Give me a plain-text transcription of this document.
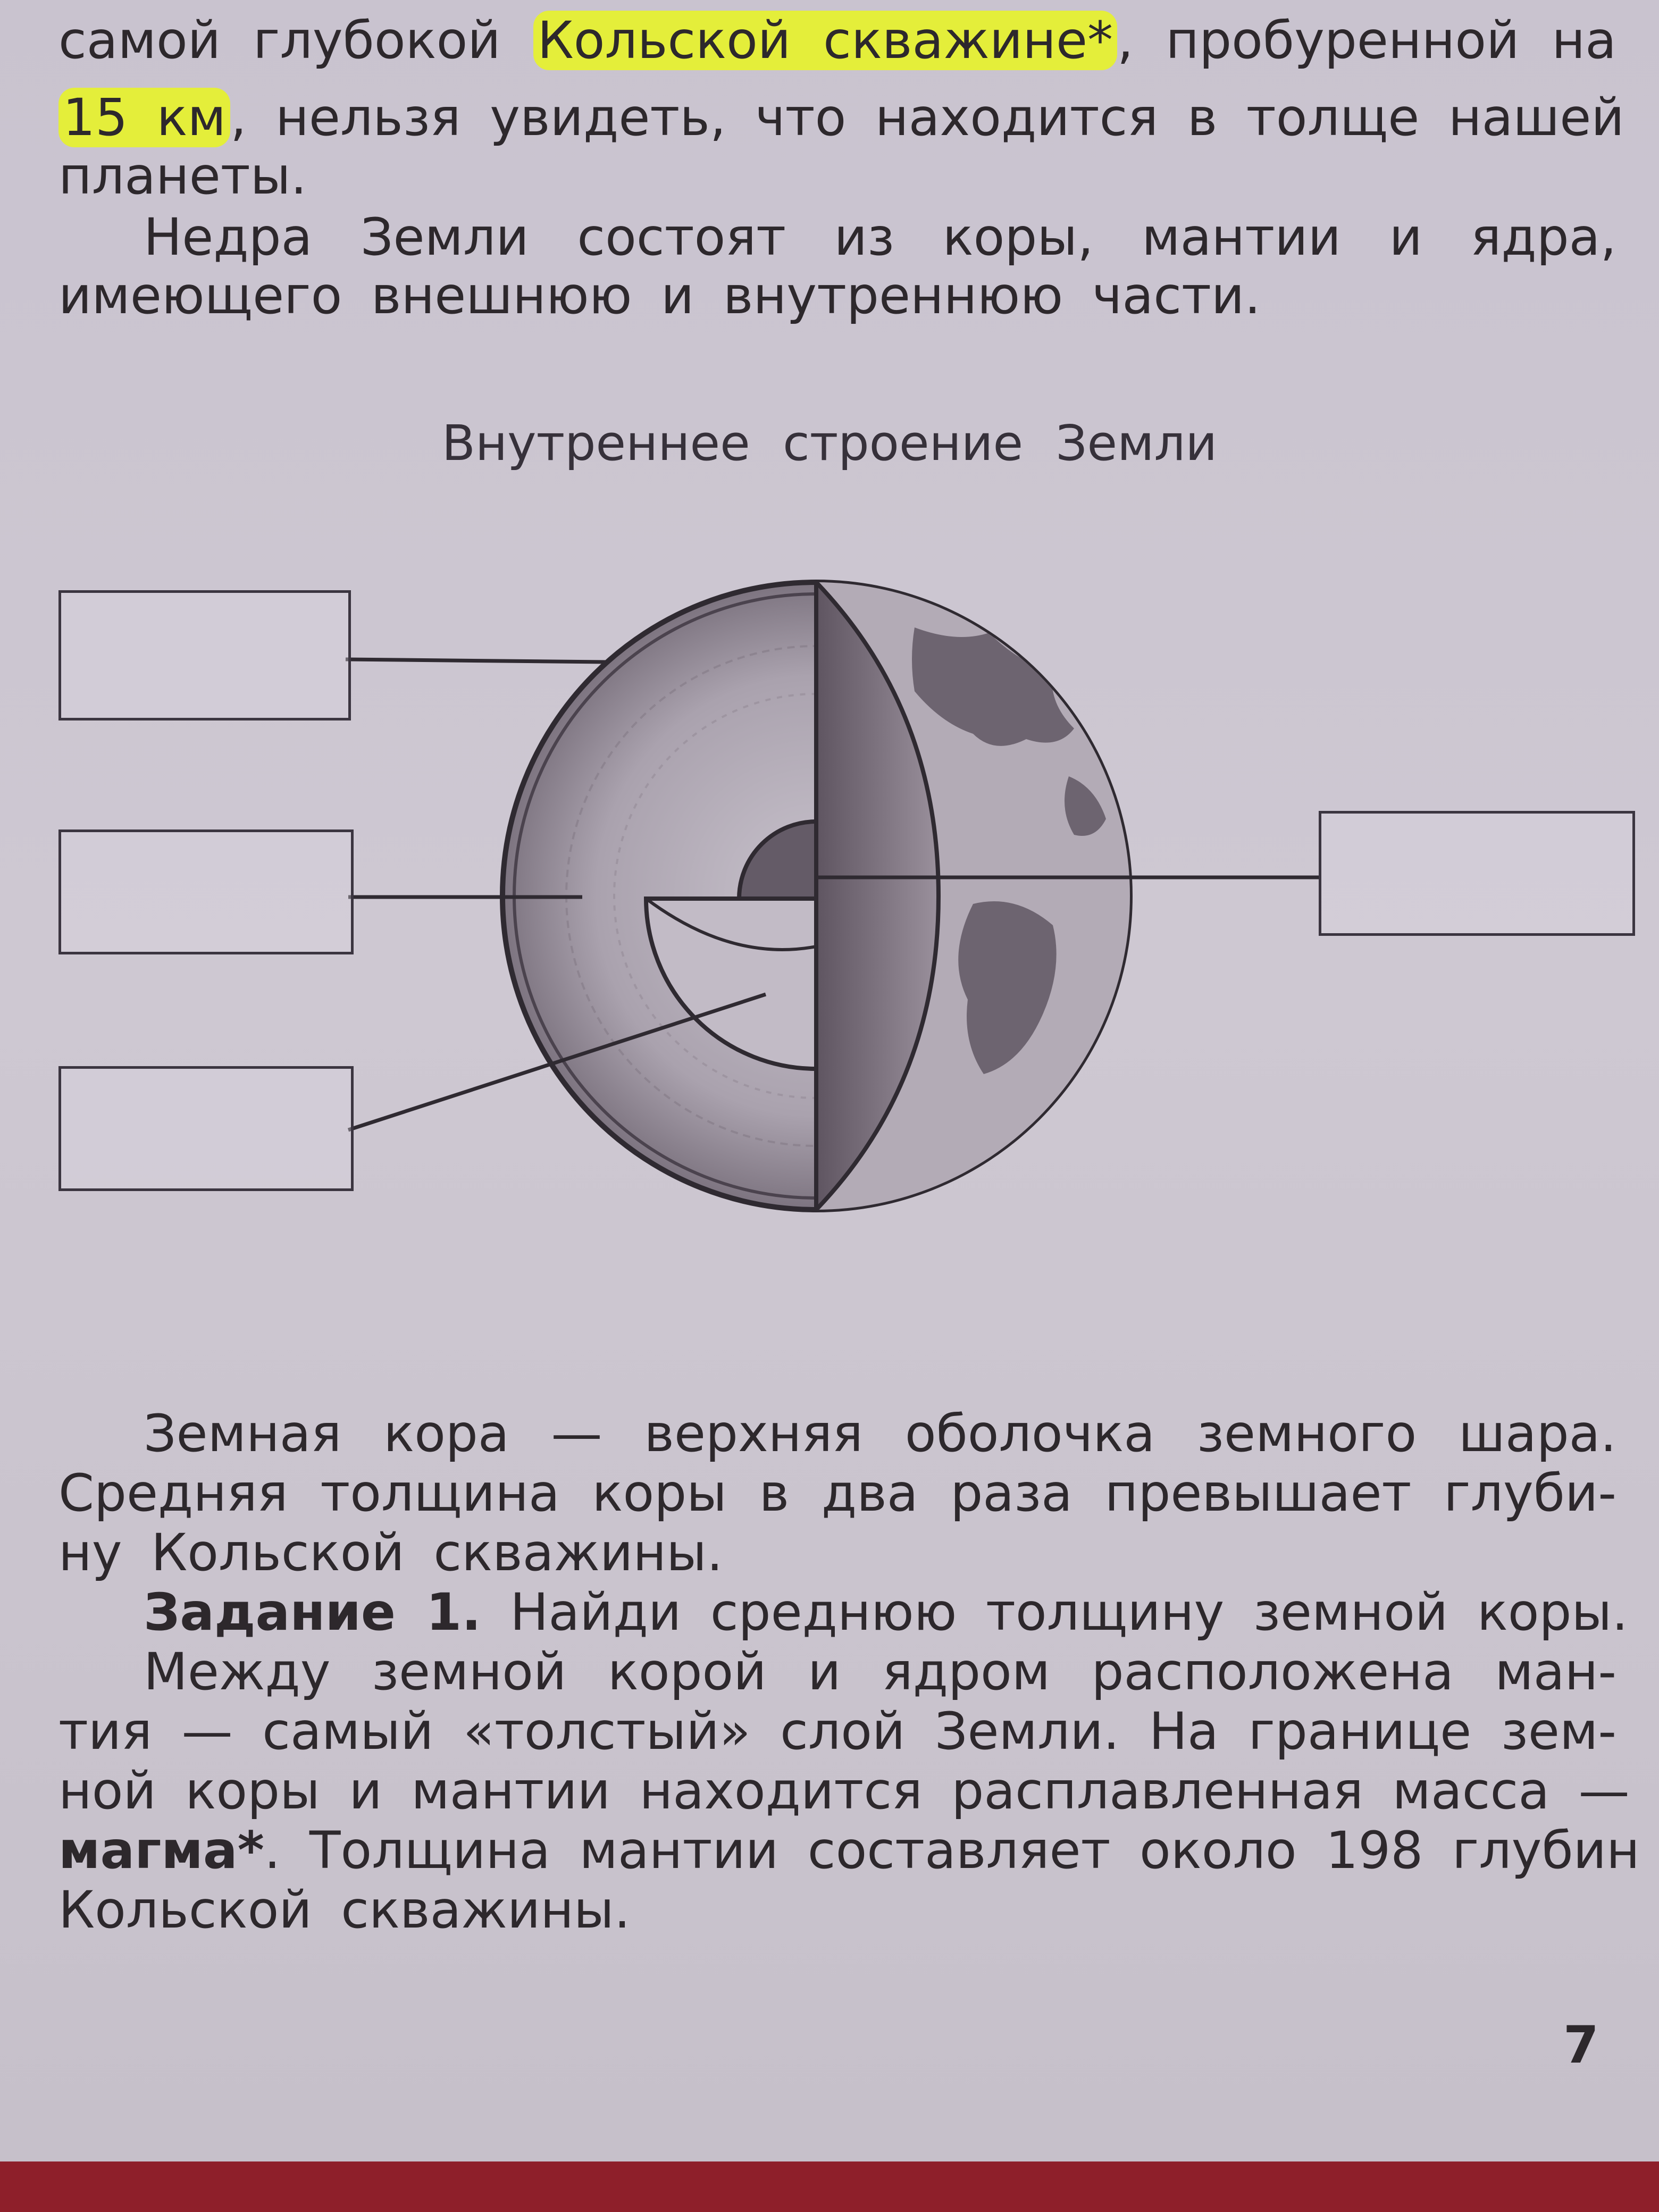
самой глубокой Кольской скважине*, пробуренной на
15 км, нельзя увидеть, что находится в толще нашей
планеты.
Недра Земли состоят из коры, мантии и ядра,
имеющего внешнюю и внутреннюю части.
Внутреннее строение Земли
Земная кора — верхняя оболочка земного шара.
Средняя толщина коры в два раза превышает глуби-
ну Кольской скважины.
Задание 1. Найди среднюю толщину земной коры.
Между земной корой и ядром расположена ман-
тия — самый «толстый» слой Земли. На границе зем-
ной коры и мантии находится расплавленная масса —
магма*. Толщина мантии составляет около 198 глубин
Кольской скважины.
7
